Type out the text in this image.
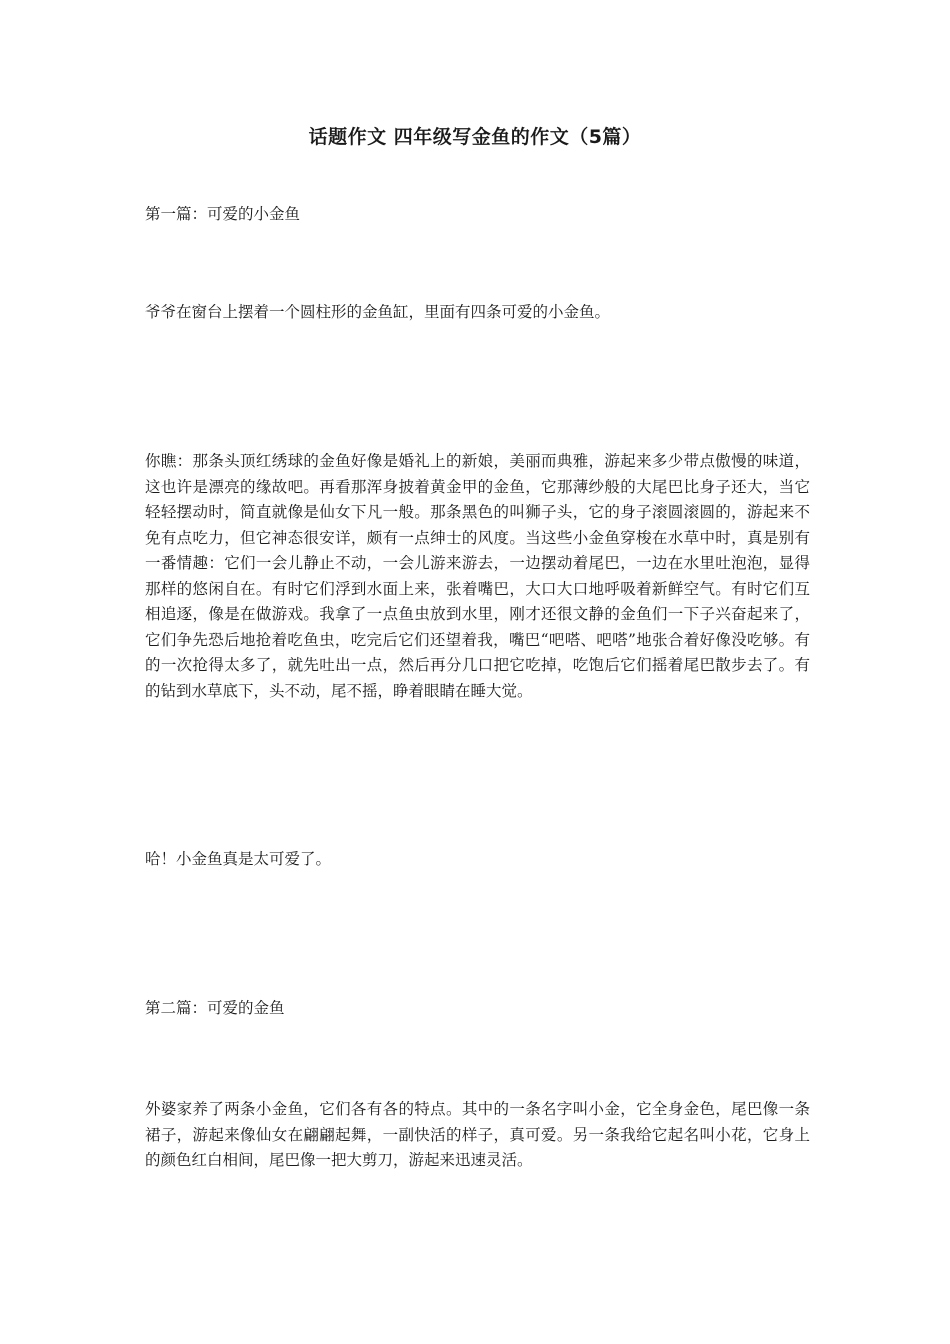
话题作文 四年级写金鱼的作文（5篇）

第一篇：可爱的小金鱼

爷爷在窗台上摆着一个圆柱形的金鱼缸，里面有四条可爱的小金鱼。

你瞧：那条头顶红绣球的金鱼好像是婚礼上的新娘，美丽而典雅，游起来多少带点傲慢的味道，这也许是漂亮的缘故吧。再看那浑身披着黄金甲的金鱼，它那薄纱般的大尾巴比身子还大，当它轻轻摆动时，简直就像是仙女下凡一般。那条黑色的叫狮子头，它的身子滚圆滚圆的，游起来不免有点吃力，但它神态很安详，颇有一点绅士的风度。当这些小金鱼穿梭在水草中时，真是别有一番情趣：它们一会儿静止不动，一会儿游来游去，一边摆动着尾巴，一边在水里吐泡泡，显得那样的悠闲自在。有时它们浮到水面上来，张着嘴巴，大口大口地呼吸着新鲜空气。有时它们互相追逐，像是在做游戏。我拿了一点鱼虫放到水里，刚才还很文静的金鱼们一下子兴奋起来了，它们争先恐后地抢着吃鱼虫，吃完后它们还望着我，嘴巴“吧嗒、吧嗒”地张合着好像没吃够。有的一次抢得太多了，就先吐出一点，然后再分几口把它吃掉，吃饱后它们摇着尾巴散步去了。有的钻到水草底下，头不动，尾不摇，睁着眼睛在睡大觉。

哈！小金鱼真是太可爱了。

第二篇：可爱的金鱼

外婆家养了两条小金鱼，它们各有各的特点。其中的一条名字叫小金，它全身金色，尾巴像一条裙子，游起来像仙女在翩翩起舞，一副快活的样子，真可爱。另一条我给它起名叫小花，它身上的颜色红白相间，尾巴像一把大剪刀，游起来迅速灵活。
